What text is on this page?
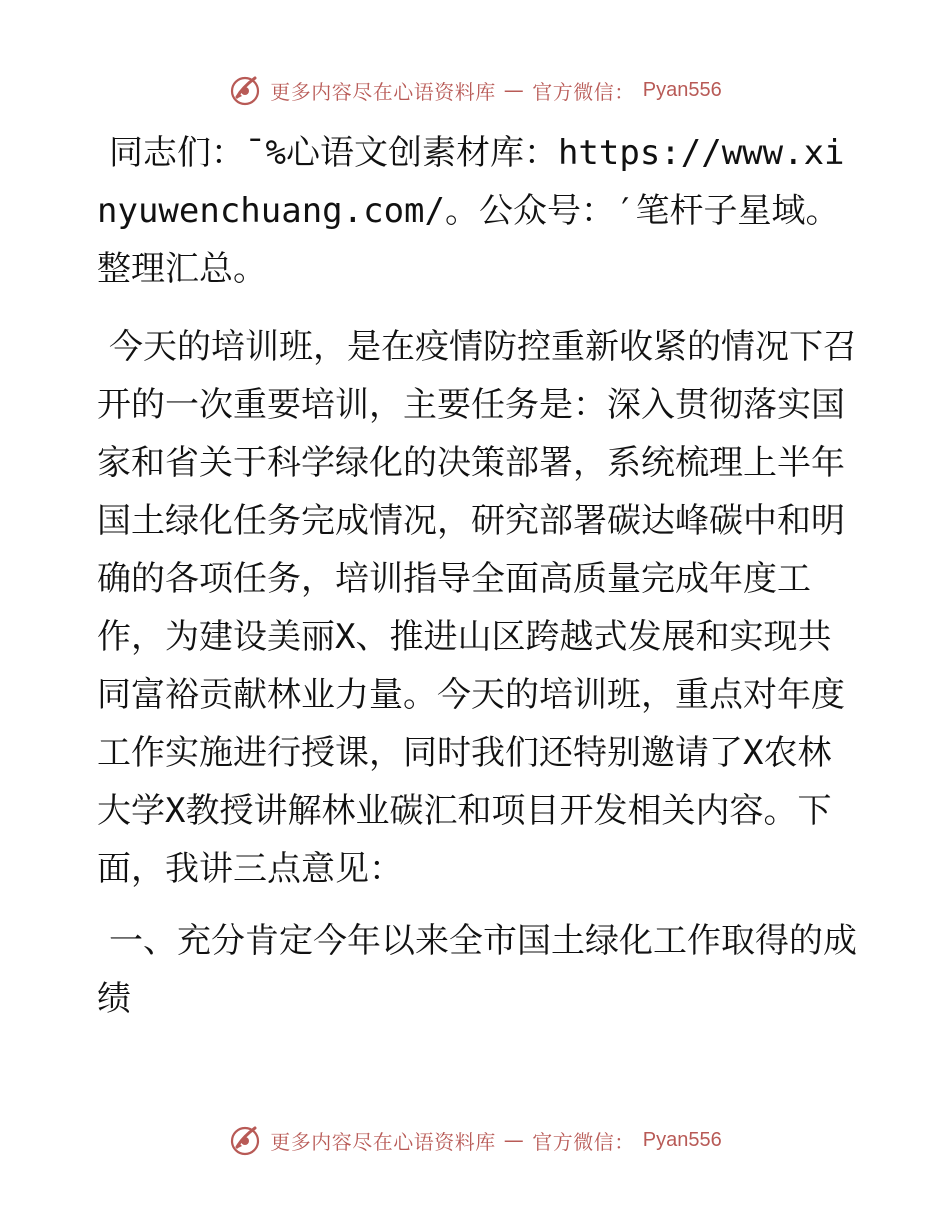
更多内容尽在心语资料库 — 官方微信： Pyan556

同志们：¯%心语文创素材库：https://www.xinyuwenchuang.com/。公众号：′笔杆子星域。整理汇总。

今天的培训班，是在疫情防控重新收紧的情况下召开的一次重要培训，主要任务是：深入贯彻落实国家和省关于科学绿化的决策部署，系统梳理上半年国土绿化任务完成情况，研究部署碳达峰碳中和明确的各项任务，培训指导全面高质量完成年度工作，为建设美丽X、推进山区跨越式发展和实现共同富裕贡献林业力量。今天的培训班，重点对年度工作实施进行授课，同时我们还特别邀请了X农林大学X教授讲解林业碳汇和项目开发相关内容。下面，我讲三点意见：

一、充分肯定今年以来全市国土绿化工作取得的成绩

更多内容尽在心语资料库 — 官方微信： Pyan556
